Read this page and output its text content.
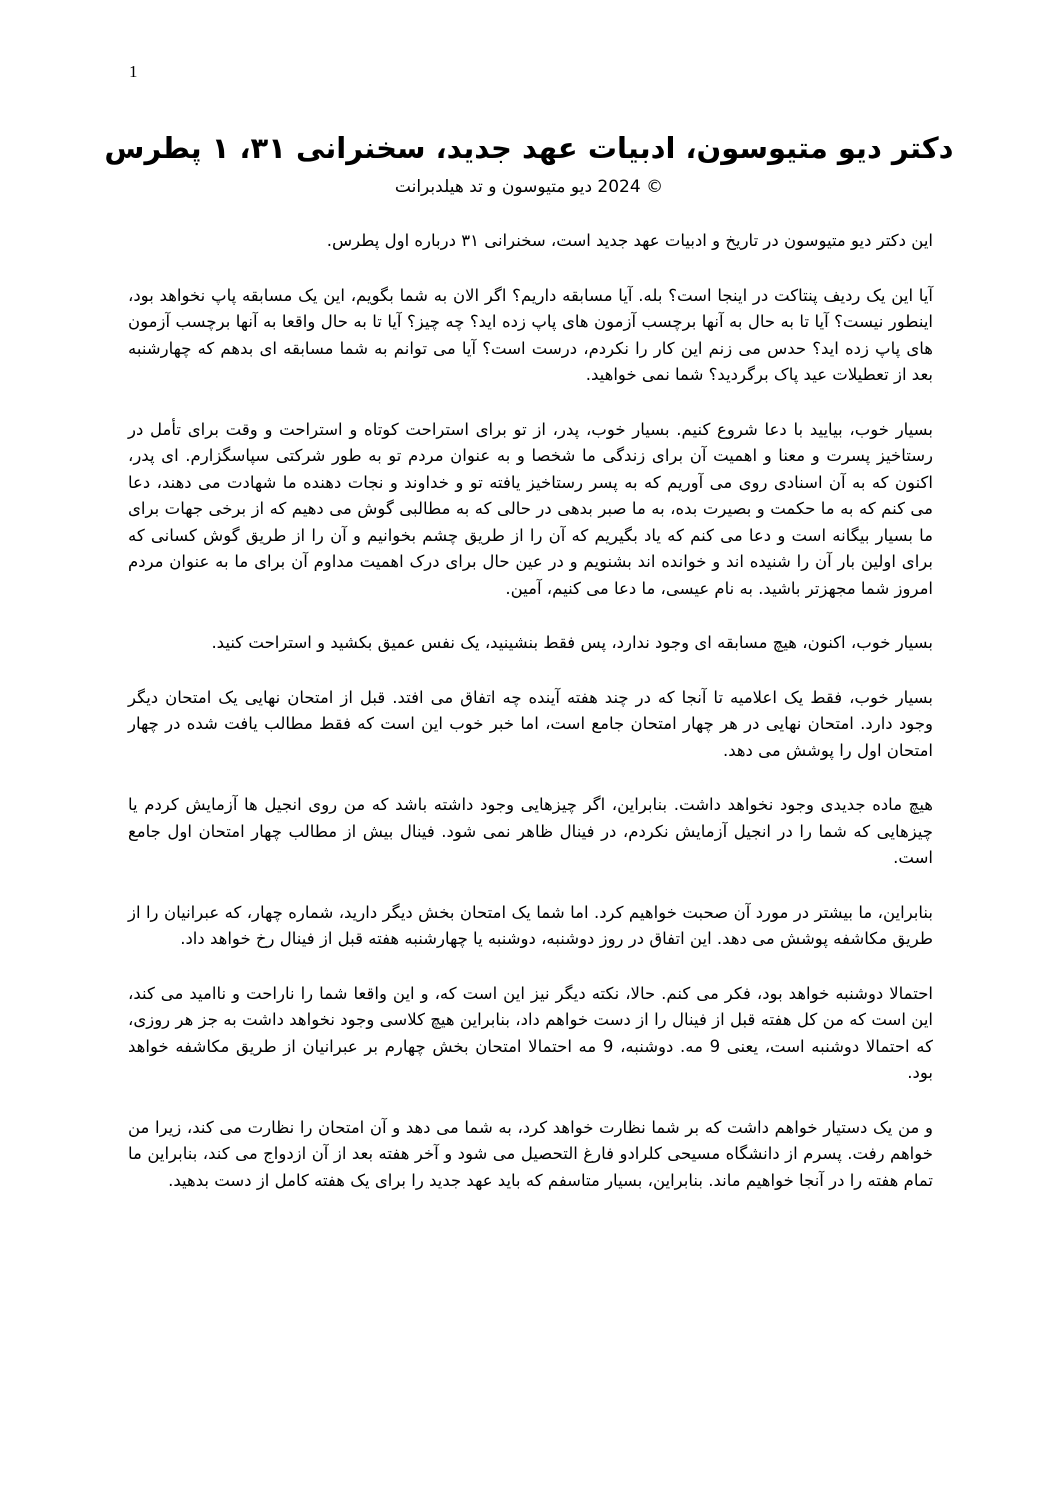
1
دکتر دیو متیوسون، ادبیات عهد جدید، سخنرانی ۳۱، ۱ پطرس
© 2024 دیو متیوسون و تد هیلدبرانت

این دکتر دیو متیوسون در تاریخ و ادبیات عهد جدید است، سخنرانی ۳۱ درباره اول پطرس.

آیا این یک ردیف پنتاکت در اینجا است؟ بله. آیا مسابقه داریم؟ اگر الان به شما بگویم، این یک مسابقه پاپ نخواهد بود، اینطور نیست؟ آیا تا به حال به آنها برچسب آزمون های پاپ زده اید؟ چه چیز؟ آیا تا به حال واقعا به آنها برچسب آزمون های پاپ زده اید؟ حدس می زنم این کار را نکردم، درست است؟ آیا می توانم به شما مسابقه ای بدهم که چهارشنبه بعد از تعطیلات عید پاک برگردید؟ شما نمی خواهید.

بسیار خوب، بیایید با دعا شروع کنیم. بسیار خوب، پدر، از تو برای استراحت کوتاه و استراحت و وقت برای تأمل در رستاخیز پسرت و معنا و اهمیت آن برای زندگی ما شخصا و به عنوان مردم تو به طور شرکتی سپاسگزارم. ای پدر، اکنون که به آن اسنادی روی می آوریم که به پسر رستاخیز یافته تو و خداوند و نجات دهنده ما شهادت می دهند، دعا می کنم که به ما حکمت و بصیرت بده، به ما صبر بدهی در حالی که به مطالبی گوش می دهیم که از برخی جهات برای ما بسیار بیگانه است و دعا می کنم که یاد بگیریم که آن را از طریق چشم بخوانیم و آن را از طریق گوش کسانی که برای اولین بار آن را شنیده اند و خوانده اند بشنویم و در عین حال برای درک اهمیت مداوم آن برای ما به عنوان مردم امروز شما مجهزتر باشید. به نام عیسی، ما دعا می کنیم، آمین.

بسیار خوب، اکنون، هیچ مسابقه ای وجود ندارد، پس فقط بنشینید، یک نفس عمیق بکشید و استراحت کنید.

بسیار خوب، فقط یک اعلامیه تا آنجا که در چند هفته آینده چه اتفاق می افتد. قبل از امتحان نهایی یک امتحان دیگر وجود دارد. امتحان نهایی در هر چهار امتحان جامع است، اما خبر خوب این است که فقط مطالب یافت شده در چهار امتحان اول را پوشش می دهد.

هیچ ماده جدیدی وجود نخواهد داشت. بنابراین، اگر چیزهایی وجود داشته باشد که من روی انجیل ها آزمایش کردم یا چیزهایی که شما را در انجیل آزمایش نکردم، در فینال ظاهر نمی شود. فینال بیش از مطالب چهار امتحان اول جامع است.

بنابراین، ما بیشتر در مورد آن صحبت خواهیم کرد. اما شما یک امتحان بخش دیگر دارید، شماره چهار، که عبرانیان را از طریق مکاشفه پوشش می دهد. این اتفاق در روز دوشنبه، دوشنبه یا چهارشنبه هفته قبل از فینال رخ خواهد داد.

احتمالا دوشنبه خواهد بود، فکر می کنم. حالا، نکته دیگر نیز این است که، و این واقعا شما را ناراحت و ناامید می کند، این است که من کل هفته قبل از فینال را از دست خواهم داد، بنابراین هیچ کلاسی وجود نخواهد داشت به جز هر روزی، که احتمالا دوشنبه است، یعنی 9 مه. دوشنبه، 9 مه احتمالا امتحان بخش چهارم بر عبرانیان از طریق مکاشفه خواهد بود.

و من یک دستیار خواهم داشت که بر شما نظارت خواهد کرد، به شما می دهد و آن امتحان را نظارت می کند، زیرا من خواهم رفت. پسرم از دانشگاه مسیحی کلرادو فارغ التحصیل می شود و آخر هفته بعد از آن ازدواج می کند، بنابراین ما تمام هفته را در آنجا خواهیم ماند. بنابراین، بسیار متاسفم که باید عهد جدید را برای یک هفته کامل از دست بدهید.
